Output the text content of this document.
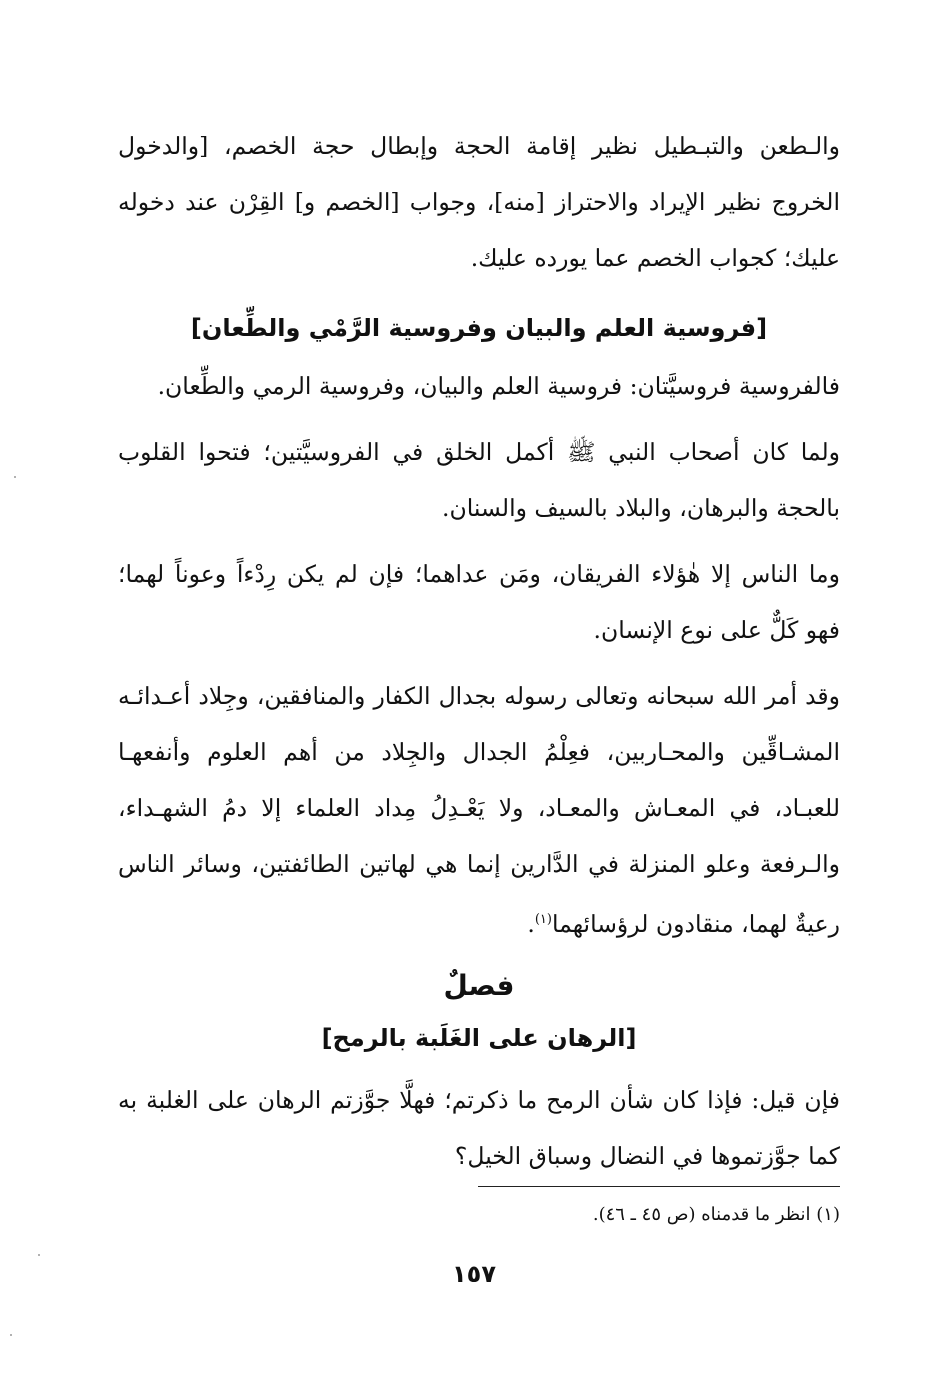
والـطعن والتبـطيل نظير إقامة الحجة وإبطال حجة الخصم، [والدخول الخروج نظير الإيراد والاحتراز [منه]، وجواب [الخصم و] القِرْن عند دخوله عليك؛ كجواب الخصم عما يورده عليك.

[فروسية العلم والبيان وفروسية الرَّمْي والطِّعان]

فالفروسية فروسيَّتان: فروسية العلم والبيان، وفروسية الرمي والطِّعان.

ولما كان أصحاب النبي ﷺ أكمل الخلق في الفروسيَّتين؛ فتحوا القلوب بالحجة والبرهان، والبلاد بالسيف والسنان.

وما الناس إلا هٰؤلاء الفريقان، ومَن عداهما؛ فإن لم يكن رِدْءاً وعوناً لهما؛ فهو كَلٌّ على نوع الإنسان.

وقد أمر الله سبحانه وتعالى رسوله بجدال الكفار والمنافقين، وجِلاد أعـدائـه المشـاقِّين والمحـاربين، فعِلْمُ الجدال والجِلاد من أهم العلوم وأنفعهـا للعبـاد، في المعـاش والمعـاد، ولا يَعْـدِلُ مِداد العلماء إلا دمُ الشهـداء، والـرفعة وعلو المنزلة في الدَّارين إنما هي لهاتين الطائفتين، وسائر الناس رعيةٌ لهما، منقادون لرؤسائهما$^{(١)}$.

فصلٌ
[الرهان على الغَلَبة بالرمح]

فإن قيل: فإذا كان شأن الرمح ما ذكرتم؛ فهلَّا جوَّزتم الرهان على الغلبة به كما جوَّزتموها في النضال وسباق الخيل؟

(١) انظر ما قدمناه (ص ٤٥ ـ ٤٦).
١٥٧
